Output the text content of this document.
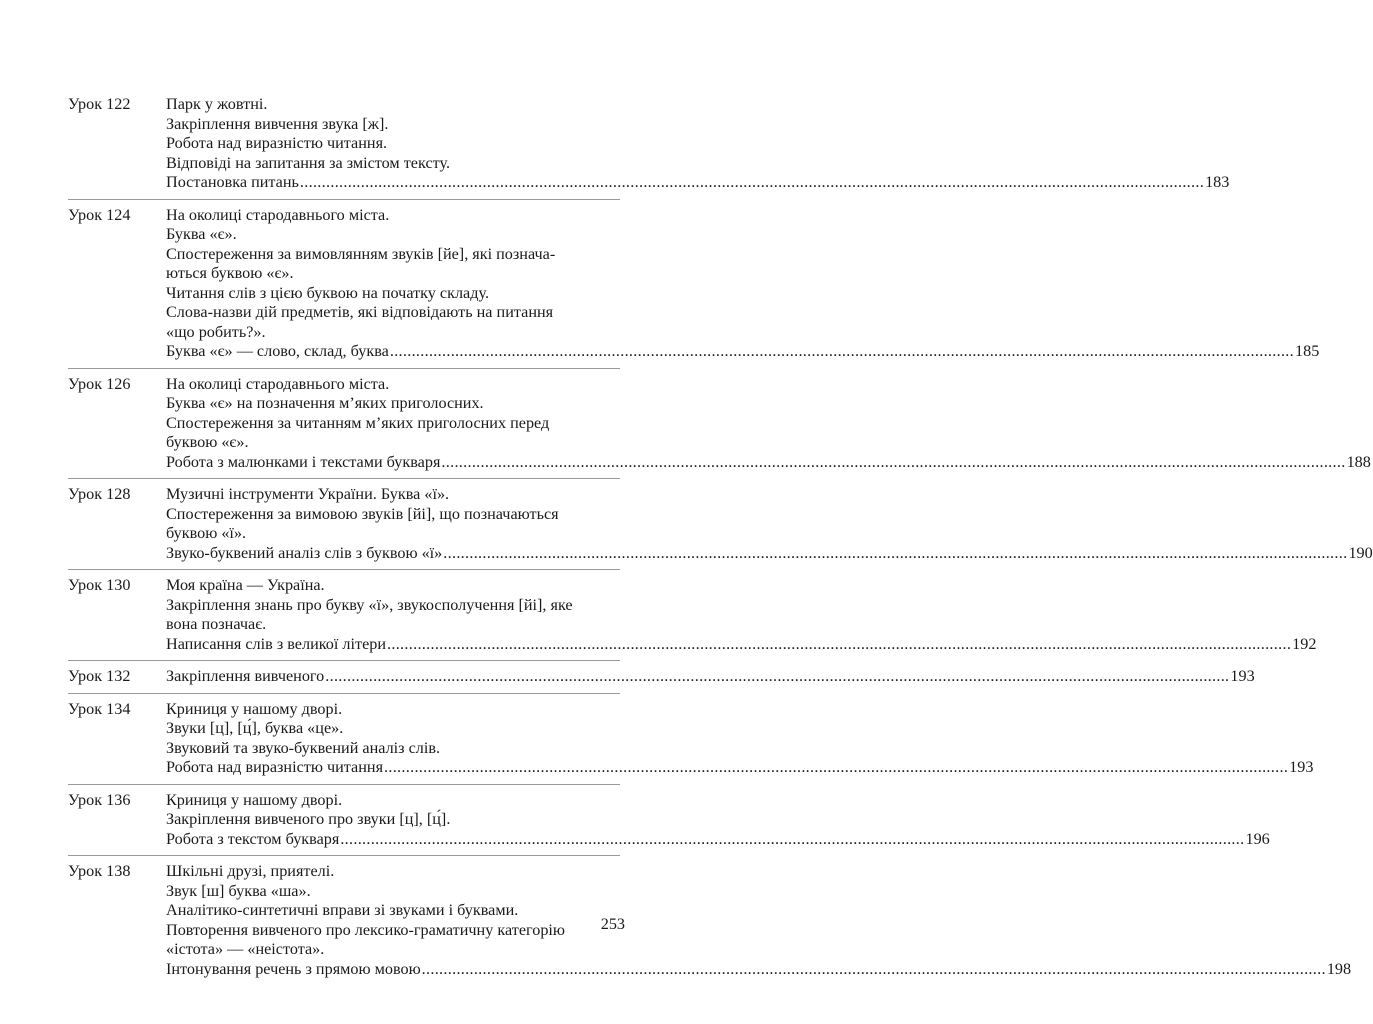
Урок 122	Парк у жовтні.
Закріплення вивчення звука [ж].
Робота над виразністю читання.
Відповіді на запитання за змістом тексту.
Постановка питань .....	183
Урок 124	На околиці стародавнього міста.
Буква «є».
Спостереження за вимовлянням звуків [йе], які познача-
ються буквою «є».
Читання слів з цією буквою на початку складу.
Слова-назви дій предметів, які відповідають на питання
«що робить?».
Буква «є» — слово, склад, буква .....	185
Урок 126	На околиці стародавнього міста.
Буква «є» на позначення м’яких приголосних.
Спостереження за читанням м’яких приголосних перед
буквою «є».
Робота з малюнками і текстами букваря .....	188
Урок 128	Музичні інструменти України. Буква «ї».
Спостереження за вимовою звуків [йі], що позначаються
буквою «ї».
Звуко-буквений аналіз слів з буквою «ї» .....	190
Урок 130	Моя країна — Україна.
Закріплення знань про букву «ї», звукосполучення [йі], яке
вона позначає.
Написання слів з великої літери .....	192
Урок 132	Закріплення вивченого .....	193
Урок 134	Криниця у нашому дворі.
Звуки [ц], [ц́], буква «це».
Звуковий та звуко-буквений аналіз слів.
Робота над виразністю читання .....	193
Урок 136	Криниця у нашому дворі.
Закріплення вивченого про звуки [ц], [ц́].
Робота з текстом букваря .....	196
Урок 138	Шкільні друзі, приятелі.
Звук [ш] буква «ша».
Аналітико-синтетичні вправи зі звуками і буквами.
Повторення вивченого про лексико-граматичну категорію
«істота» — «неістота».
Інтонування речень з прямою мовою .....	198
253
